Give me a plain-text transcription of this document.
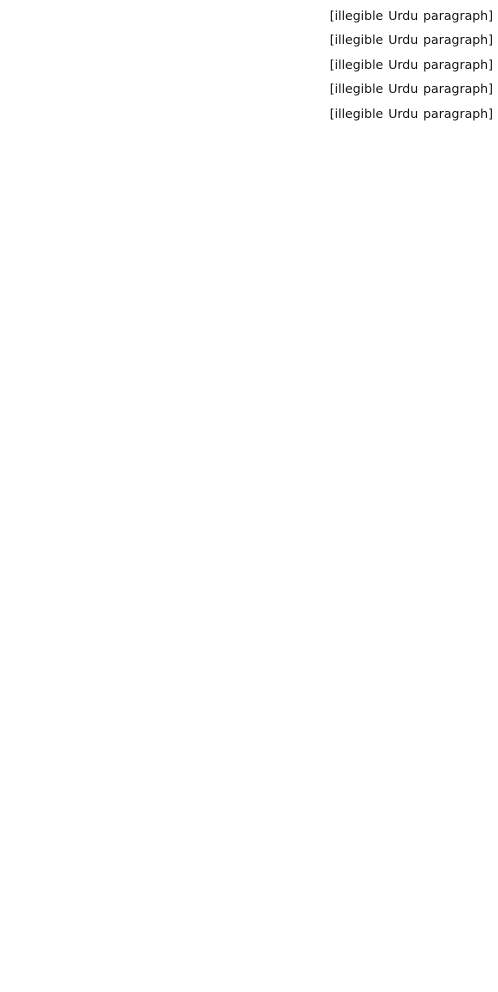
[illegible Urdu paragraph]

[illegible Urdu paragraph]

[illegible Urdu paragraph]

[illegible Urdu paragraph]

[illegible Urdu paragraph]
